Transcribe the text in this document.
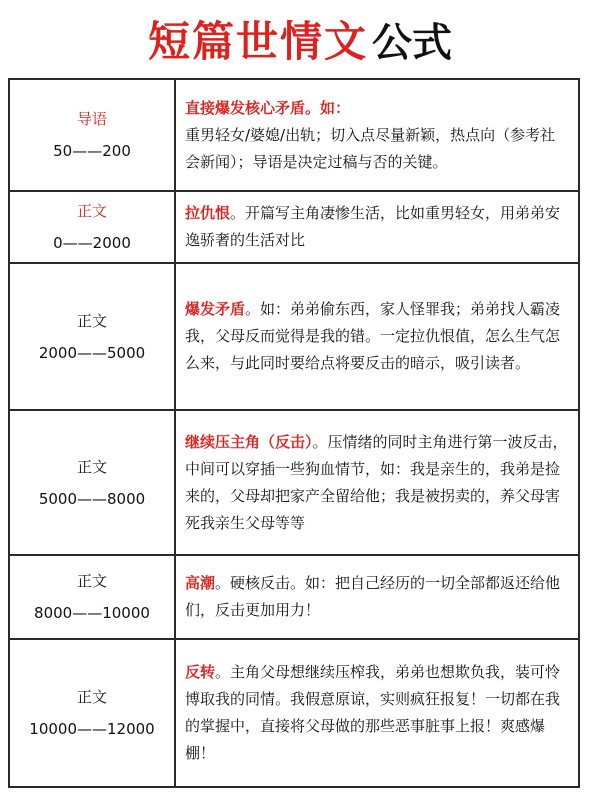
短篇世情文 公式
导语
50——200	直接爆发核心矛盾。如：
重男轻女/婆媳/出轨；切入点尽量新颖，热点向（参考社会新闻）；导语是决定过稿与否的关键。

正文
0——2000	拉仇恨。开篇写主角凄惨生活，比如重男轻女，用弟弟安逸骄奢的生活对比

正文
2000——5000	爆发矛盾。如：弟弟偷东西，家人怪罪我；弟弟找人霸凌我，父母反而觉得是我的错。一定拉仇恨值，怎么生气怎么来，与此同时要给点将要反击的暗示，吸引读者。

正文
5000——8000	继续压主角（反击）。压情绪的同时主角进行第一波反击，中间可以穿插一些狗血情节，如：我是亲生的，我弟是捡来的，父母却把家产全留给他；我是被拐卖的，养父母害死我亲生父母等等

正文
8000——10000	高潮。硬核反击。如：把自己经历的一切全部都返还给他们，反击更加用力！

正文
10000——12000	反转。主角父母想继续压榨我，弟弟也想欺负我，装可怜博取我的同情。我假意原谅，实则疯狂报复！一切都在我的掌握中，直接将父母做的那些恶事脏事上报！爽感爆棚！
